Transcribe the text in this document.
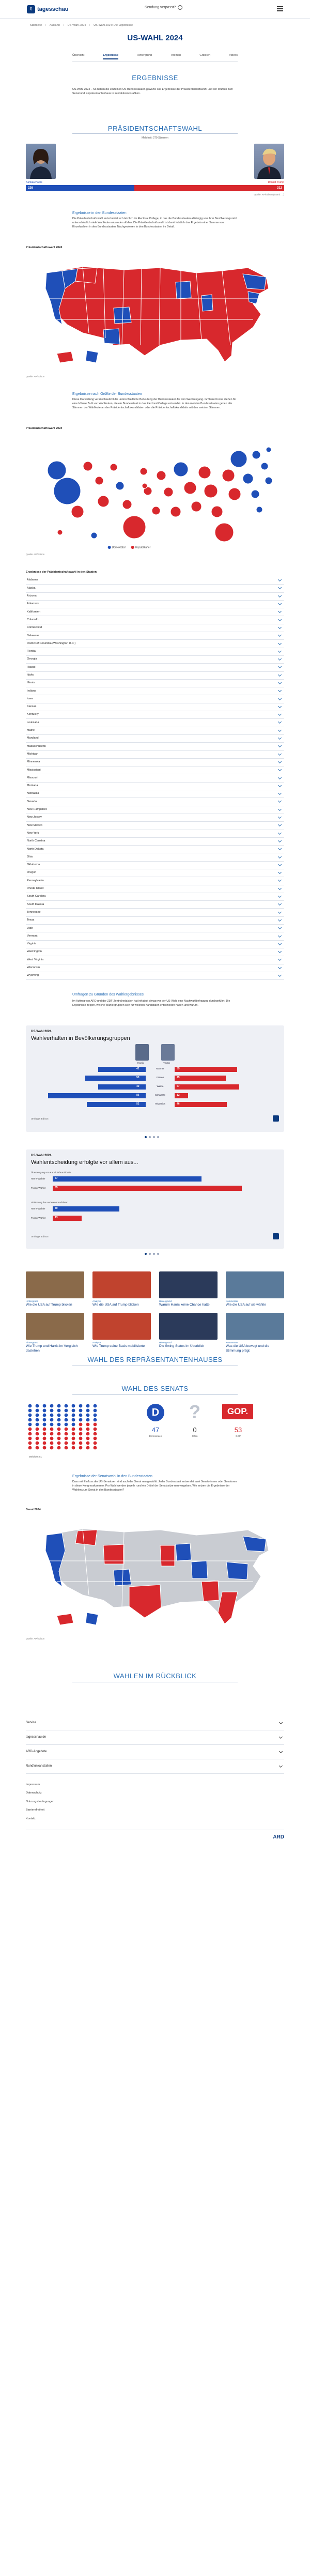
t tagesschau	Sendung verpasst?
Startseite › Ausland › US-Wahl 2024 › US-Wahl 2024: Die Ergebnisse
US-WAHL 2024
Übersicht	Ergebnisse	Hintergrund	Themen	Grafiken	Videos
ERGEBNISSE
US-Wahl 2024 – So haben die einzelnen US-Bundesstaaten gewählt. Die Ergebnisse der Präsidentschaftswahl und der Wahlen zum Senat und Repräsentantenhaus in interaktiven Grafiken.
PRÄSIDENTSCHAFTSWAHL
Mehrheit: 270 Stimmen
Kamala Harris	Donald Trump
226	312
Quelle: AP/Edison (Stand: ...)
Ergebnisse in den Bundesstaaten
Die Präsidentschaftswahl entscheidet sich letztlich im Electoral College, in das die Bundesstaaten abhängig von ihrer Bevölkerungszahl unterschiedlich viele Wahlleute entsenden dürfen. Die Präsidentschaftswahl ist damit letztlich das Ergebnis einer Summe von Einzelwahlen in den Bundesstaaten. Nachgewiesen in den Bundesstaaten im Detail.
Präsidentschaftswahl 2024
Quelle: AP/Edison
Ergebnisse nach Größe der Bundesstaaten
Diese Darstellung veranschaulicht die unterschiedliche Bedeutung der Bundesstaaten für den Wahlausgang. Größere Kreise stehen für eine höhere Zahl von Wahlleuten, die ein Bundesstaat in das Electoral College entsendet. In den meisten Bundesstaaten gehen alle Stimmen der Wahlleute an den Präsidentschaftskandidaten oder die Präsidentschaftskandidatin mit den meisten Stimmen.
Präsidentschaftswahl 2024
Demokraten	Republikaner
Quelle: AP/Edison
Ergebnisse der Präsidentschaftswahl in den Staaten
Alabama
Alaska
Arizona
Arkansas
Kalifornien
Colorado
Connecticut
Delaware
District of Columbia (Washington D.C.)
Florida
Georgia
Hawaii
Idaho
Illinois
Indiana
Iowa
Kansas
Kentucky
Louisiana
Maine
Maryland
Massachusetts
Michigan
Minnesota
Mississippi
Missouri
Montana
Nebraska
Nevada
New Hampshire
New Jersey
New Mexico
New York
North Carolina
North Dakota
Ohio
Oklahoma
Oregon
Pennsylvania
Rhode Island
South Carolina
South Dakota
Tennessee
Texas
Utah
Vermont
Virginia
Washington
West Virginia
Wisconsin
Wyoming
Umfragen zu Gründen des Wahlergebnisses
Im Auftrag von ARD und der ZDF-Zentralredaktion hat infratest dimap vor der US-Wahl eine Nachwahlbefragung durchgeführt. Die Ergebnisse zeigen, welche Wählergruppen sich für welchen Kandidaten entschieden haben und warum.
US-Wahl 2024
Wahlverhalten in Bevölkerungsgruppen
Harris	Trump
Männer
42	55
Frauen
53	45
Weiße
42	57
Schwarze
86	12
Hispanics
52	46
Umfrage: Edison
US-Wahl 2024
Wahlentscheidung erfolgte vor allem aus...
Überzeugung von Kandidat/Kandidatin
Harris-Wähler	67
Trump-Wähler	85
Ablehnung des anderen Kandidaten
Harris-Wähler	30
Trump-Wähler	13
Umfrage: Edison
Hintergrund
Wie die USA auf Trump blicken
Analyse
Wie die USA auf Trump blicken
Hintergrund
Warum Harris keine Chance hatte
Kommentar
Wie die USA auf sie wählte
Hintergrund
Wie Trump und Harris im Vergleich dastehen
Analyse
Wie Trump seine Basis mobilisierte
Hintergrund
Die Swing States im Überblick
Kommentar
Was die USA bewegt und die Stimmung prägt
WAHL DES REPRÄSENTANTENHAUSES
WAHL DES SENATS
Mehrheit: 51
D
47
Demokraten
?
0
Offen
GOP.
53
GOP
Ergebnisse der Senatswahl in den Bundesstaaten
Dass mit Einfluss der US-Senatoren sind auch der Senat neu gewählt. Jeder Bundesstaat entsendet zwei Senatorinnen oder Senatoren in diese Kongresskammer. Pro Wahl werden jeweils rund ein Drittel der Senatssitze neu vergeben. Wie setzen die Ergebnisse der Wahlen zum Senat in den Bundesstaaten?
Senat 2024
Quelle: AP/Edison
WAHLEN IM RÜCKBLICK
Service
tagesschau.de
ARD-Angebote
Rundfunkanstalten
Impressum
Datenschutz
Nutzungsbedingungen
Barrierefreiheit
Kontakt
ARD
